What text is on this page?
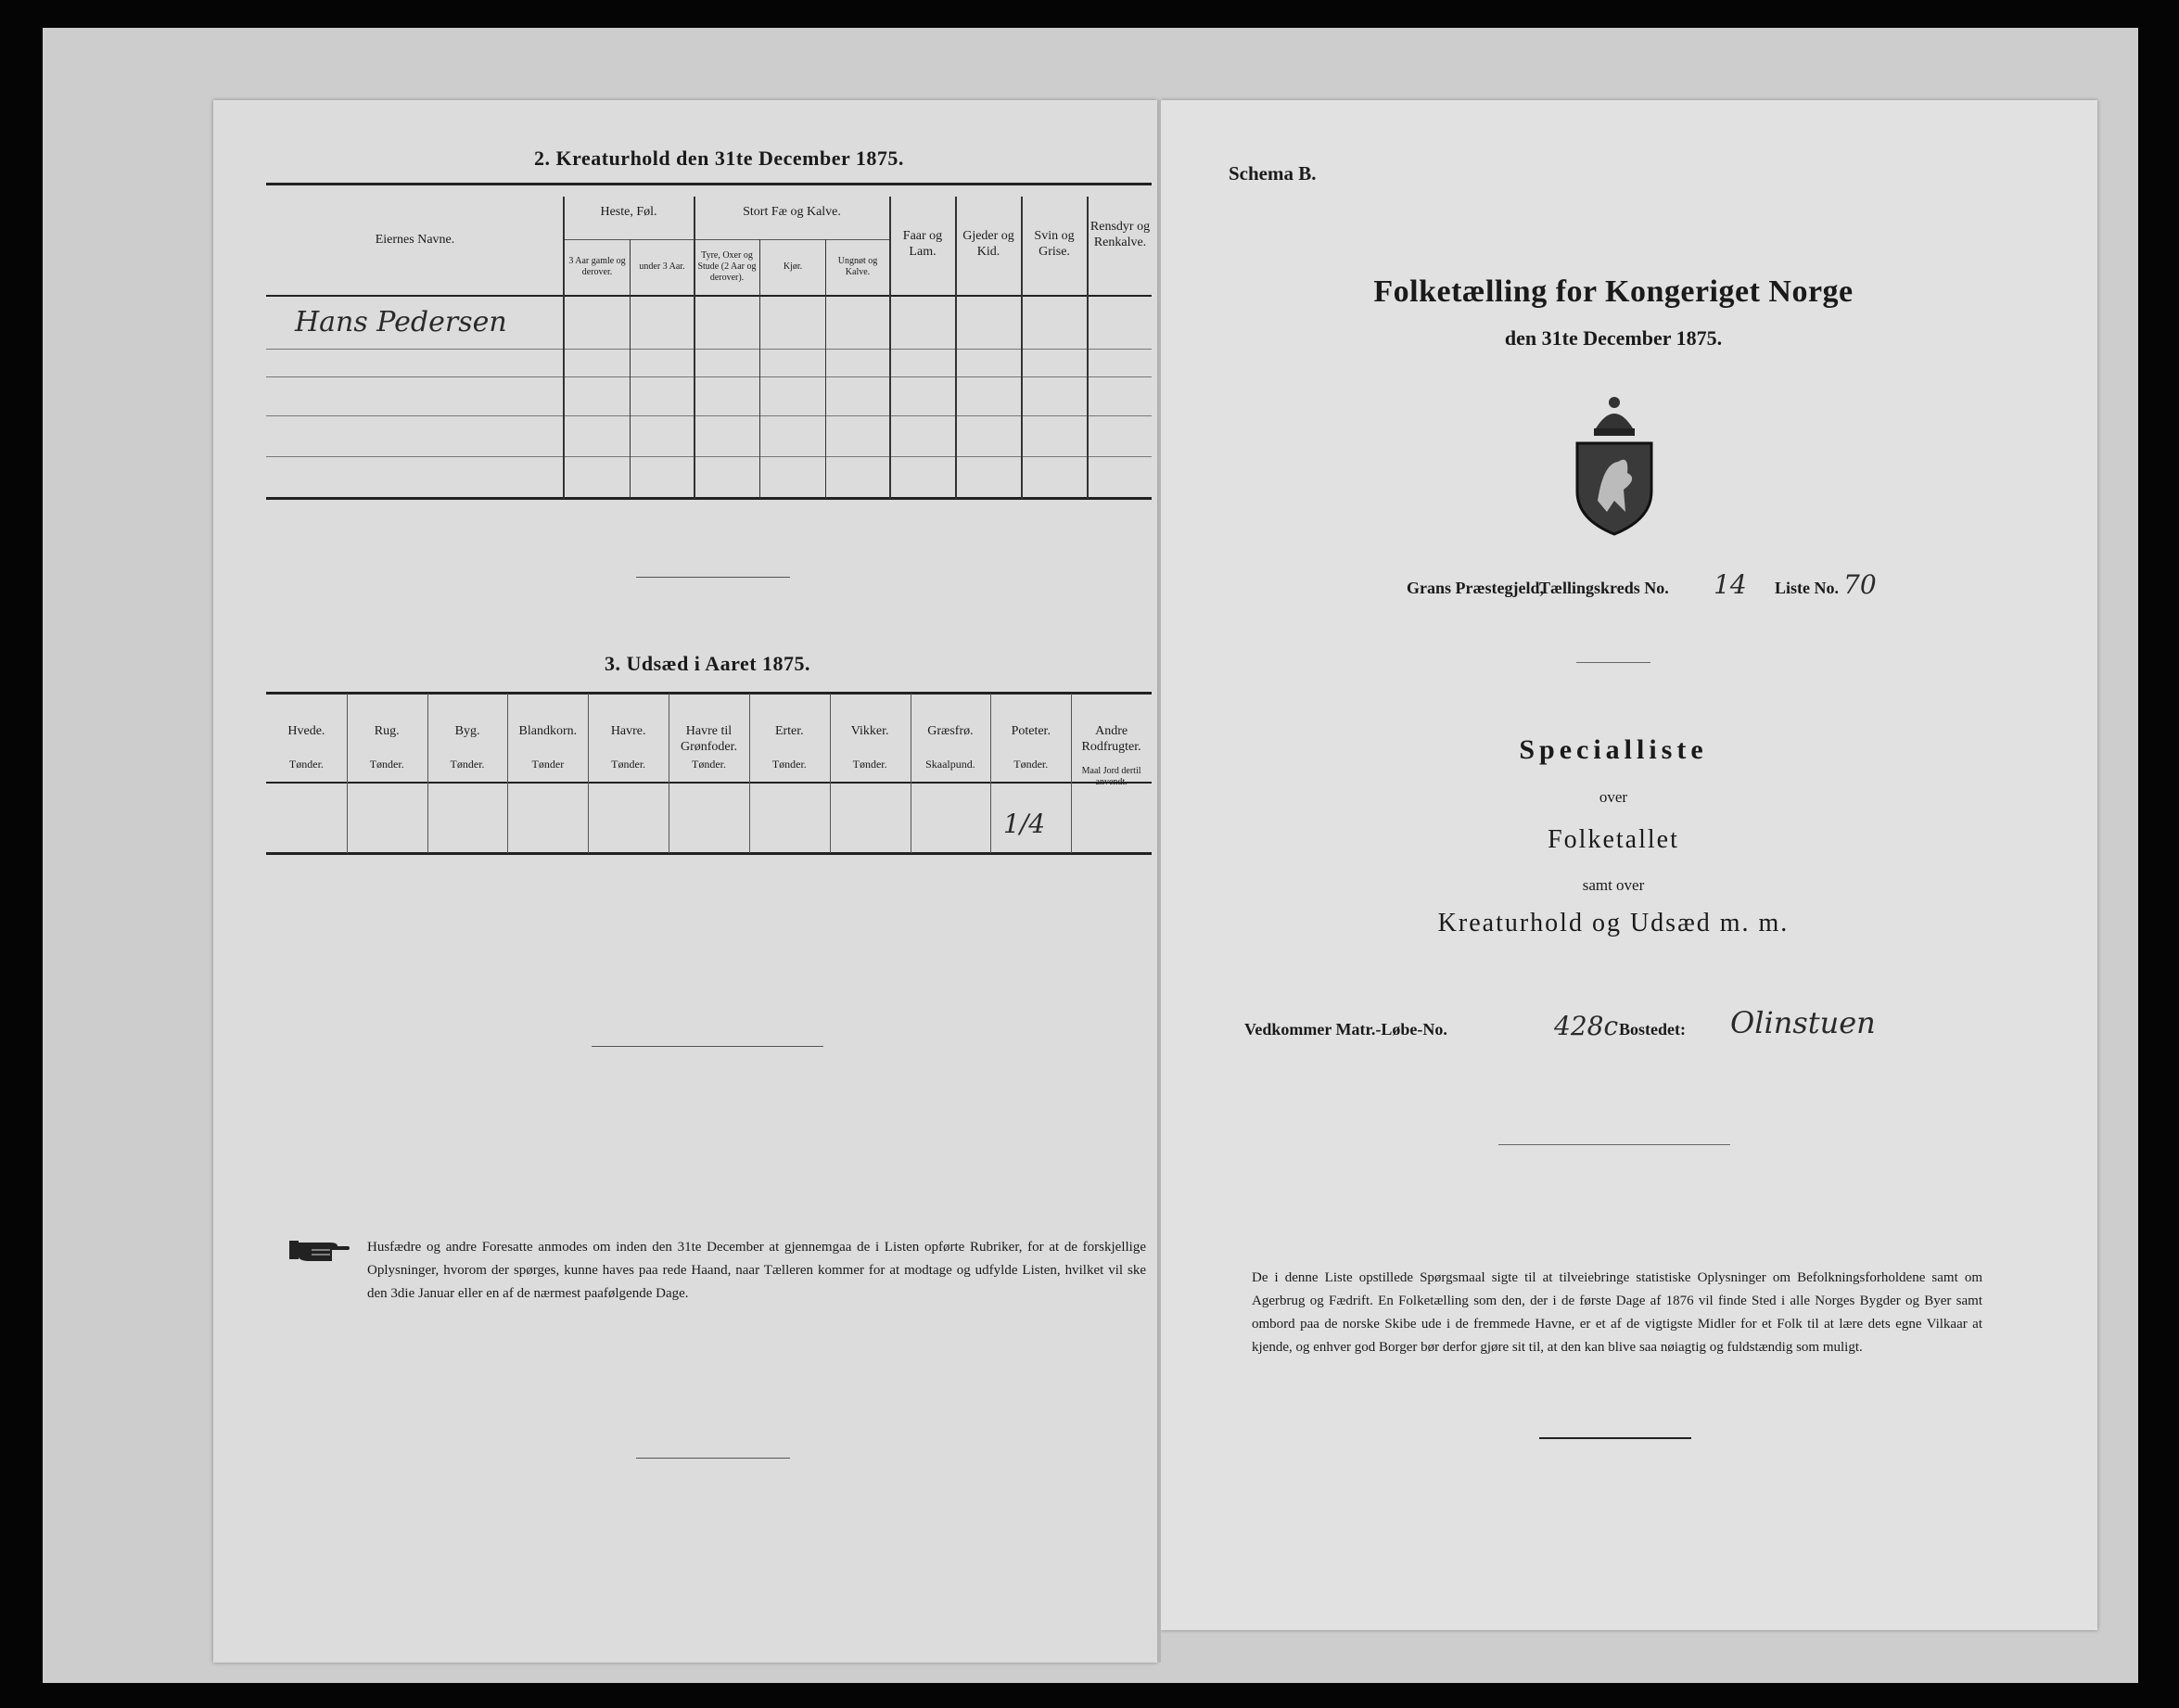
2. Kreaturhold den 31te December 1875.
Eiernes Navne.
Heste, Føl.
3 Aar gamle og derover.
under 3 Aar.
Stort Fæ og Kalve.
Tyre, Oxer og Stude (2 Aar og derover).
Kjør.
Ungnøt og Kalve.
Faar og Lam.
Gjeder og Kid.
Svin og Grise.
Rensdyr og Renkalve.
Hans Pedersen
3. Udsæd i Aaret 1875.
Hvede.
Tønder.
Rug.
Tønder.
Byg.
Tønder.
Blandkorn.
Tønder
Havre.
Tønder.
Havre til Grønfoder.
Tønder.
Erter.
Tønder.
Vikker.
Tønder.
Græsfrø.
Skaalpund.
Poteter.
Tønder.
Andre Rodfrugter.
Maal Jord dertil anvendt.
1/4
Husfædre og andre Foresatte anmodes om inden den 31te December at gjennemgaa de i Listen opførte Rubriker, for at de forskjellige Oplysninger, hvorom der spørges, kunne haves paa rede Haand, naar Tælleren kommer for at modtage og udfylde Listen, hvilket vil ske den 3die Januar eller en af de nærmest paafølgende Dage.
Schema B.
Folketælling for Kongeriget Norge
den 31te December 1875.
Grans Præstegjeld,
Tællingskreds No. 14 Liste No. 70
Specialliste
over
Folketallet
samt over
Kreaturhold og Udsæd m. m.
Vedkommer Matr.-Løbe-No.	428c Bostedet: Olinstuen
De i denne Liste opstillede Spørgsmaal sigte til at tilveiebringe statistiske Oplysninger om Befolkningsforholdene samt om Agerbrug og Fædrift. En Folketælling som den, der i de første Dage af 1876 vil finde Sted i alle Norges Bygder og Byer samt ombord paa de norske Skibe ude i de fremmede Havne, er et af de vigtigste Midler for et Folk til at lære dets egne Vilkaar at kjende, og enhver god Borger bør derfor gjøre sit til, at den kan blive saa nøiagtig og fuldstændig som muligt.
